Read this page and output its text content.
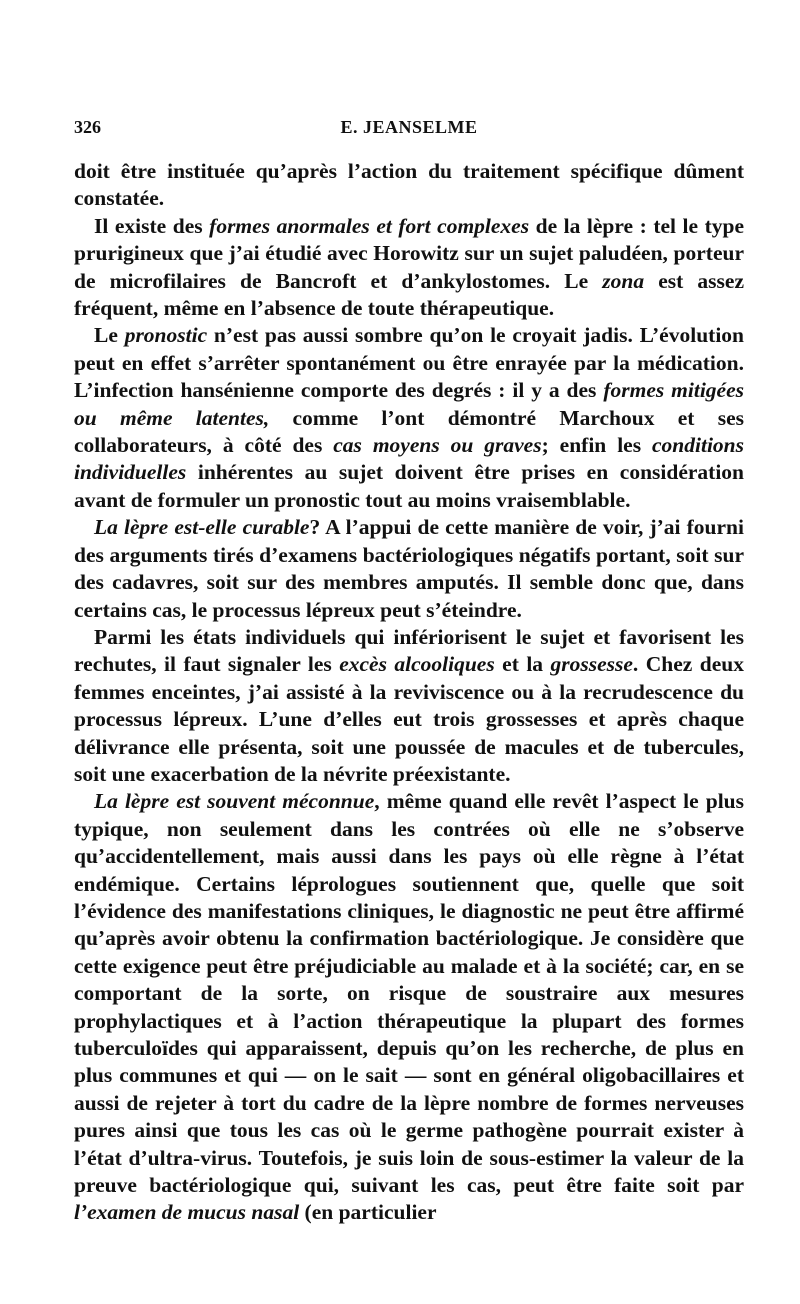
326	E. JEANSELME

doit être instituée qu’après l’action du traitement spécifique dûment constatée.

Il existe des formes anormales et fort complexes de la lèpre : tel le type prurigineux que j’ai étudié avec Horowitz sur un sujet paludéen, porteur de microfilaires de Bancroft et d’ankylostomes. Le zona est assez fréquent, même en l’absence de toute thérapeutique.

Le pronostic n’est pas aussi sombre qu’on le croyait jadis. L’évolution peut en effet s’arrêter spontanément ou être enrayée par la médication. L’infection hansénienne comporte des degrés : il y a des formes mitigées ou même latentes, comme l’ont démontré Marchoux et ses collaborateurs, à côté des cas moyens ou graves; enfin les conditions individuelles inhérentes au sujet doivent être prises en considération avant de formuler un pronostic tout au moins vraisemblable.

La lèpre est-elle curable? A l’appui de cette manière de voir, j’ai fourni des arguments tirés d’examens bactériologiques négatifs portant, soit sur des cadavres, soit sur des membres amputés. Il semble donc que, dans certains cas, le processus lépreux peut s’éteindre.

Parmi les états individuels qui infériorisent le sujet et favorisent les rechutes, il faut signaler les excès alcooliques et la grossesse. Chez deux femmes enceintes, j’ai assisté à la reviviscence ou à la recrudescence du processus lépreux. L’une d’elles eut trois grossesses et après chaque délivrance elle présenta, soit une poussée de macules et de tubercules, soit une exacerbation de la névrite préexistante.

La lèpre est souvent méconnue, même quand elle revêt l’aspect le plus typique, non seulement dans les contrées où elle ne s’observe qu’accidentellement, mais aussi dans les pays où elle règne à l’état endémique. Certains léprologues soutiennent que, quelle que soit l’évidence des manifestations cliniques, le diagnostic ne peut être affirmé qu’après avoir obtenu la confirmation bactériologique. Je considère que cette exigence peut être préjudiciable au malade et à la société; car, en se comportant de la sorte, on risque de soustraire aux mesures prophylactiques et à l’action thérapeutique la plupart des formes tuberculoïdes qui apparaissent, depuis qu’on les recherche, de plus en plus communes et qui — on le sait — sont en général oligobacillaires et aussi de rejeter à tort du cadre de la lèpre nombre de formes nerveuses pures ainsi que tous les cas où le germe pathogène pourrait exister à l’état d’ultra-virus. Toutefois, je suis loin de sous-estimer la valeur de la preuve bactériologique qui, suivant les cas, peut être faite soit par l’examen de mucus nasal (en particulier
